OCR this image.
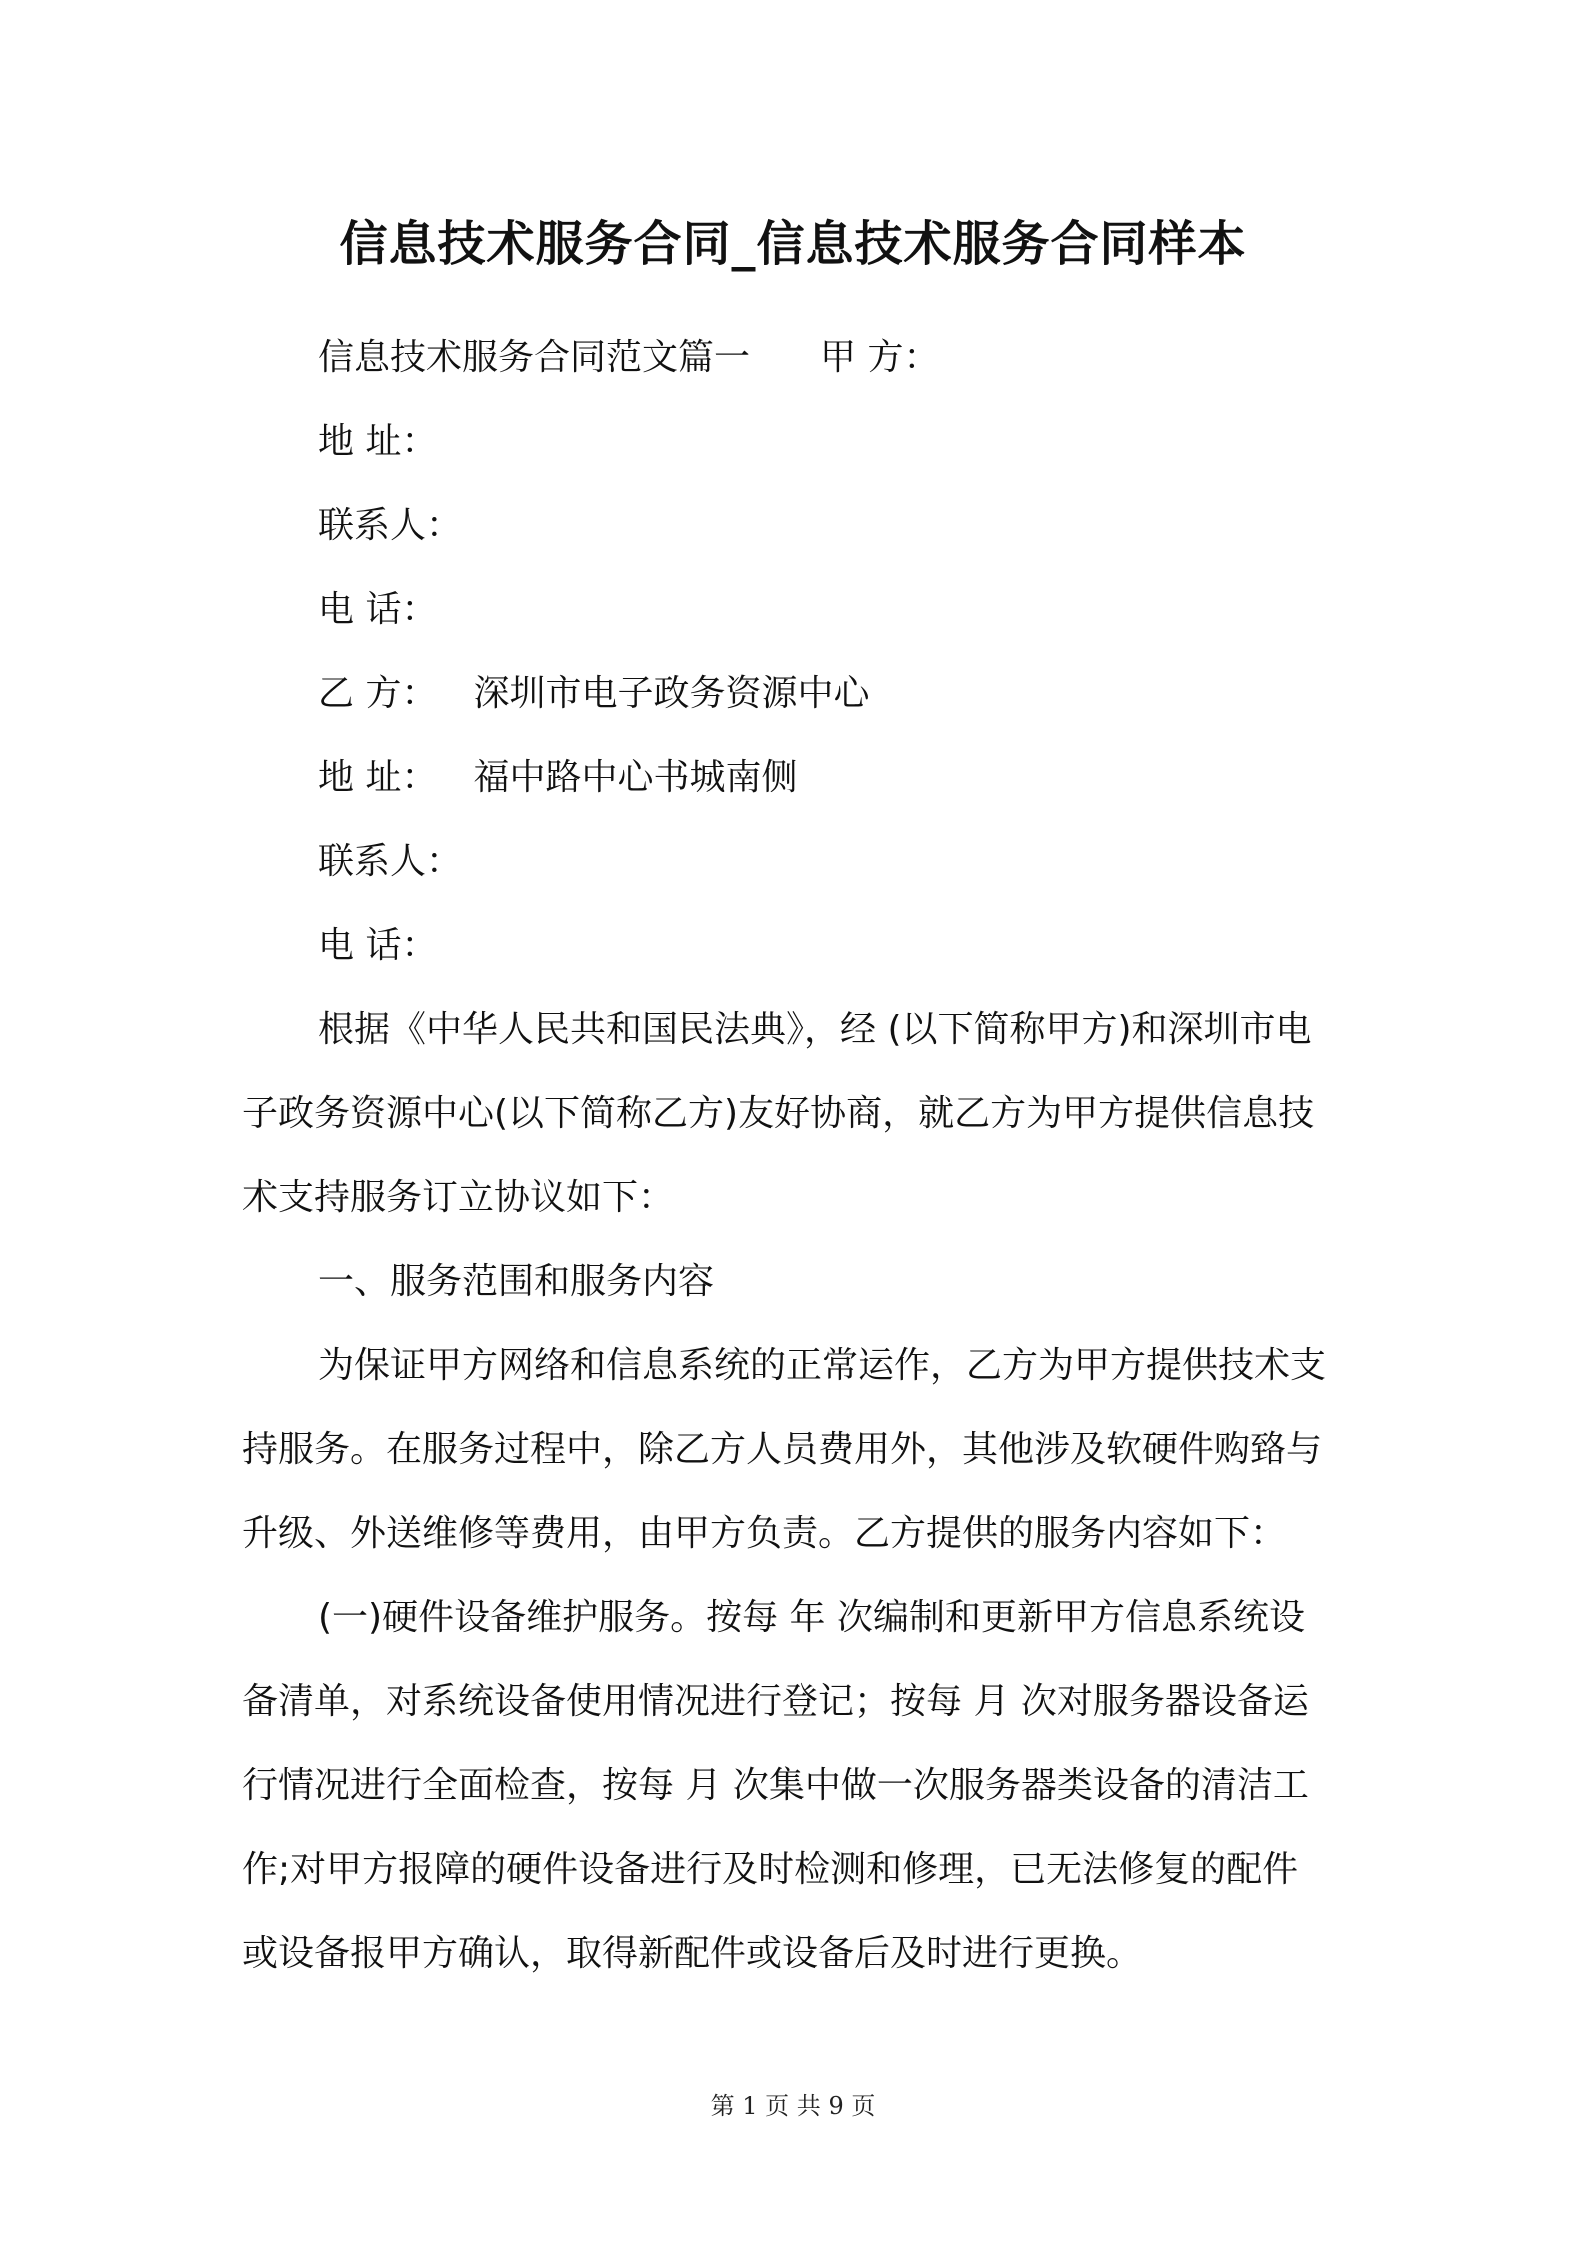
信息技术服务合同_信息技术服务合同样本
信息技术服务合同范文篇一 甲 方：
地 址：
联系人：
电 话：
乙 方： 深圳市电子政务资源中心
地 址： 福中路中心书城南侧
联系人：
电 话：
根据《中华人民共和国民法典》，经 (以下简称甲方)和深圳市电
子政务资源中心(以下简称乙方)友好协商，就乙方为甲方提供信息技
术支持服务订立协议如下：
一、服务范围和服务内容
为保证甲方网络和信息系统的正常运作，乙方为甲方提供技术支
持服务。在服务过程中，除乙方人员费用外，其他涉及软硬件购臵与
升级、外送维修等费用，由甲方负责。乙方提供的服务内容如下：
(一)硬件设备维护服务。按每 年 次编制和更新甲方信息系统设
备清单，对系统设备使用情况进行登记；按每 月 次对服务器设备运
行情况进行全面检查，按每 月 次集中做一次服务器类设备的清洁工
作;对甲方报障的硬件设备进行及时检测和修理，已无法修复的配件
或设备报甲方确认，取得新配件或设备后及时进行更换。
第 1 页 共 9 页
